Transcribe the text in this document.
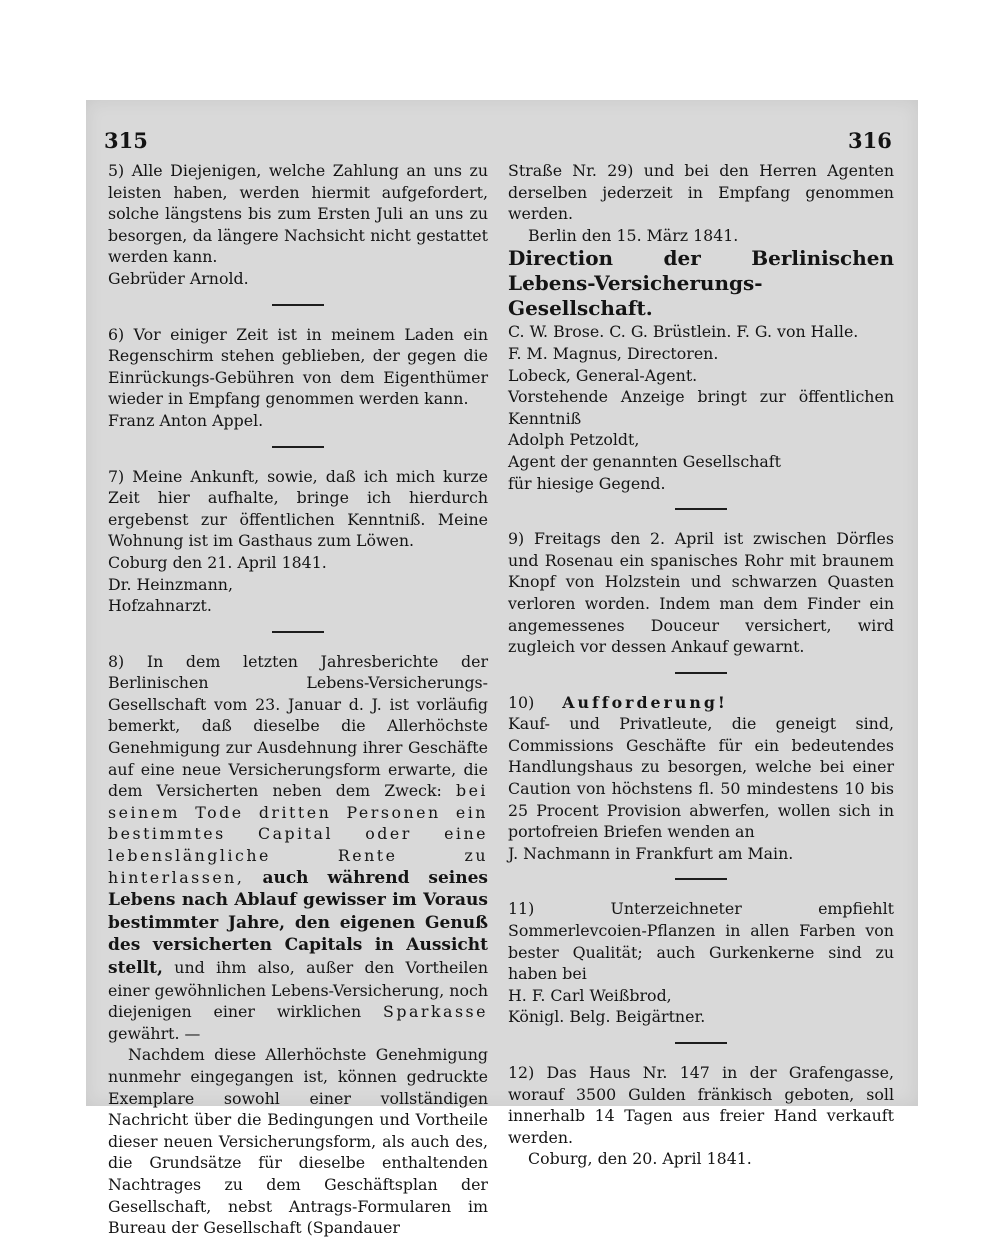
315	316

5) Alle Diejenigen, welche Zahlung an uns zu leisten haben, werden hiermit aufgefordert, solche längstens bis zum Ersten Juli an uns zu besorgen, da längere Nachsicht nicht gestattet werden kann.

Gebrüder Arnold.

6) Vor einiger Zeit ist in meinem Laden ein Regenschirm stehen geblieben, der gegen die Einrückungs-Gebühren von dem Eigenthümer wieder in Empfang genommen werden kann.

Franz Anton Appel.

7) Meine Ankunft, sowie, daß ich mich kurze Zeit hier aufhalte, bringe ich hierdurch ergebenst zur öffentlichen Kenntniß. Meine Wohnung ist im Gasthaus zum Löwen.

Coburg den 21. April 1841.

Dr. Heinzmann,

Hofzahnarzt.

8) In dem letzten Jahresberichte der Berlinischen Lebens-Versicherungs-Gesellschaft vom 23. Januar d. J. ist vorläufig bemerkt, daß dieselbe die Allerhöchste Genehmigung zur Ausdehnung ihrer Geschäfte auf eine neue Versicherungsform erwarte, die dem Versicherten neben dem Zweck: bei seinem Tode dritten Personen ein bestimmtes Capital oder eine lebenslängliche Rente zu hinterlassen, auch während seines Lebens nach Ablauf gewisser im Voraus bestimmter Jahre, den eigenen Genuß des versicherten Capitals in Aussicht stellt, und ihm also, außer den Vortheilen einer gewöhnlichen Lebens-Versicherung, noch diejenigen einer wirklichen Sparkasse gewährt. —

Nachdem diese Allerhöchste Genehmigung nunmehr eingegangen ist, können gedruckte Exemplare sowohl einer vollständigen Nachricht über die Bedingungen und Vortheile dieser neuen Versicherungsform, als auch des, die Grundsätze für dieselbe enthaltenden Nachtrages zu dem Geschäftsplan der Gesellschaft, nebst Antrags-Formularen im Bureau der Gesellschaft (Spandauer

Straße Nr. 29) und bei den Herren Agenten derselben jederzeit in Empfang genommen werden.

Berlin den 15. März 1841.

Direction der Berlinischen Lebens-Versicherungs-Gesellschaft.

C. W. Brose. C. G. Brüstlein. F. G. von Halle.

F. M. Magnus, Directoren.

Lobeck, General-Agent.

Vorstehende Anzeige bringt zur öffentlichen Kenntniß

Adolph Petzoldt,

Agent der genannten Gesellschaft

für hiesige Gegend.

9) Freitags den 2. April ist zwischen Dörfles und Rosenau ein spanisches Rohr mit braunem Knopf von Holzstein und schwarzen Quasten verloren worden. Indem man dem Finder ein angemessenes Douceur versichert, wird zugleich vor dessen Ankauf gewarnt.

10) Aufforderung!

Kauf- und Privatleute, die geneigt sind, Commissions Geschäfte für ein bedeutendes Handlungshaus zu besorgen, welche bei einer Caution von höchstens fl. 50 mindestens 10 bis 25 Procent Provision abwerfen, wollen sich in portofreien Briefen wenden an

J. Nachmann in Frankfurt am Main.

11) Unterzeichneter empfiehlt Sommerlevcoien-Pflanzen in allen Farben von bester Qualität; auch Gurkenkerne sind zu haben bei

H. F. Carl Weißbrod,

Königl. Belg. Beigärtner.

12) Das Haus Nr. 147 in der Grafengasse, worauf 3500 Gulden fränkisch geboten, soll innerhalb 14 Tagen aus freier Hand verkauft werden.

Coburg, den 20. April 1841.
